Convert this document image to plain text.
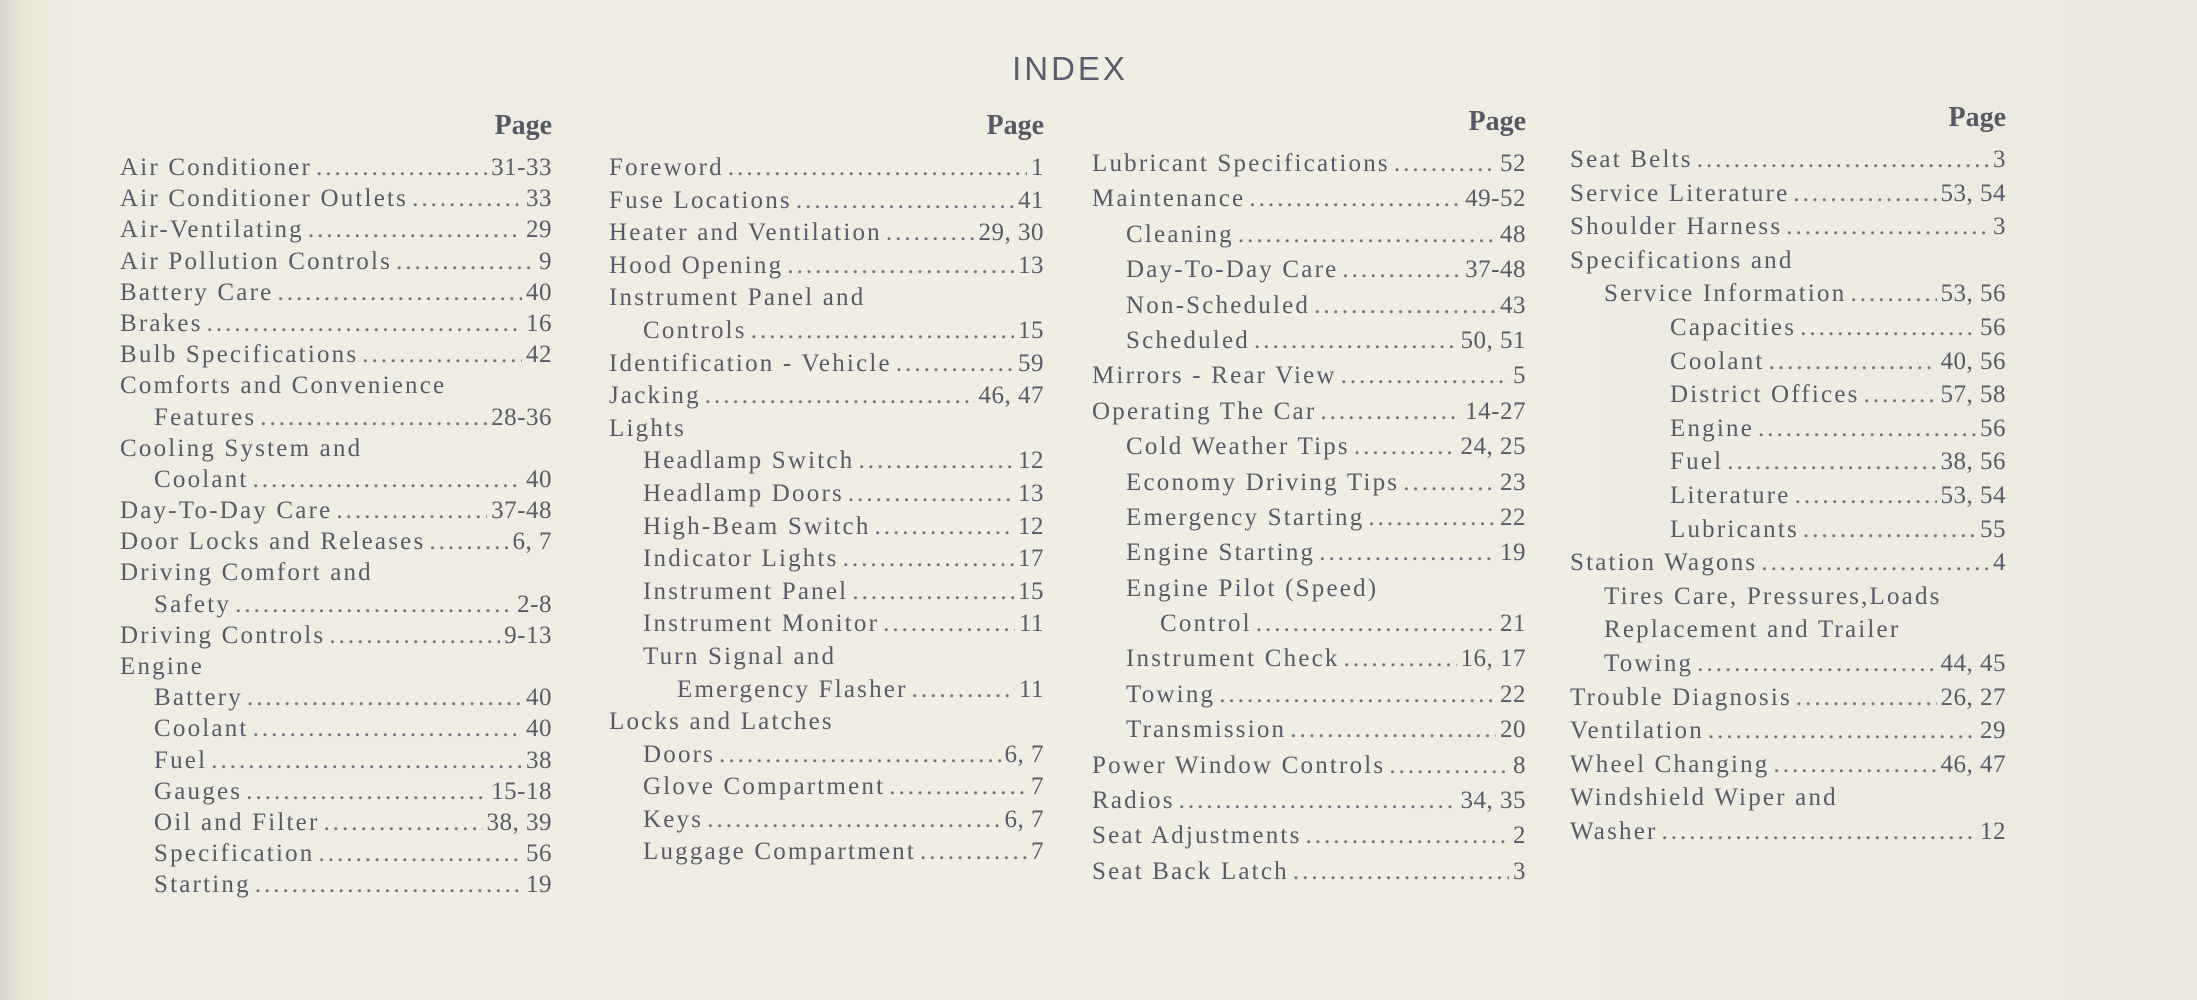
INDEX
Page
Air Conditioner .....	31-33
Air Conditioner Outlets .....	33
Air-Ventilating .....	29
Air Pollution Controls .....	9
Battery Care .....	40
Brakes .....	16
Bulb Specifications .....	42
Comforts and Convenience
Features .....	28-36
Cooling System and
Coolant .....	40
Day-To-Day Care .....	37-48
Door Locks and Releases .....	6, 7
Driving Comfort and
Safety .....	2-8
Driving Controls .....	9-13
Engine
Battery .....	40
Coolant .....	40
Fuel .....	38
Gauges .....	15-18
Oil and Filter .....	38, 39
Specification .....	56
Starting .....	19
Page
Foreword .....	1
Fuse Locations .....	41
Heater and Ventilation .....	29, 30
Hood Opening .....	13
Instrument Panel and
Controls .....	15
Identification - Vehicle .....	59
Jacking .....	46, 47
Lights
Headlamp Switch .....	12
Headlamp Doors .....	13
High-Beam Switch .....	12
Indicator Lights .....	17
Instrument Panel .....	15
Instrument Monitor .....	11
Turn Signal and
Emergency Flasher .....	11
Locks and Latches
Doors .....	6, 7
Glove Compartment .....	7
Keys .....	6, 7
Luggage Compartment .....	7
Page
Lubricant Specifications .....	52
Maintenance .....	49-52
Cleaning .....	48
Day-To-Day Care .....	37-48
Non-Scheduled .....	43
Scheduled .....	50, 51
Mirrors - Rear View .....	5
Operating The Car .....	14-27
Cold Weather Tips .....	24, 25
Economy Driving Tips .....	23
Emergency Starting .....	22
Engine Starting .....	19
Engine Pilot (Speed)
Control .....	21
Instrument Check .....	16, 17
Towing .....	22
Transmission .....	20
Power Window Controls .....	8
Radios .....	34, 35
Seat Adjustments .....	2
Seat Back Latch .....	3
Page
Seat Belts .....	3
Service Literature .....	53, 54
Shoulder Harness .....	3
Specifications and
Service Information .....	53, 56
Capacities .....	56
Coolant .....	40, 56
District Offices .....	57, 58
Engine .....	56
Fuel .....	38, 56
Literature .....	53, 54
Lubricants .....	55
Station Wagons .....	4
Tires Care, Pressures,Loads
Replacement and Trailer
Towing .....	44, 45
Trouble Diagnosis .....	26, 27
Ventilation .....	29
Wheel Changing .....	46, 47
Windshield Wiper and
Washer .....	12
